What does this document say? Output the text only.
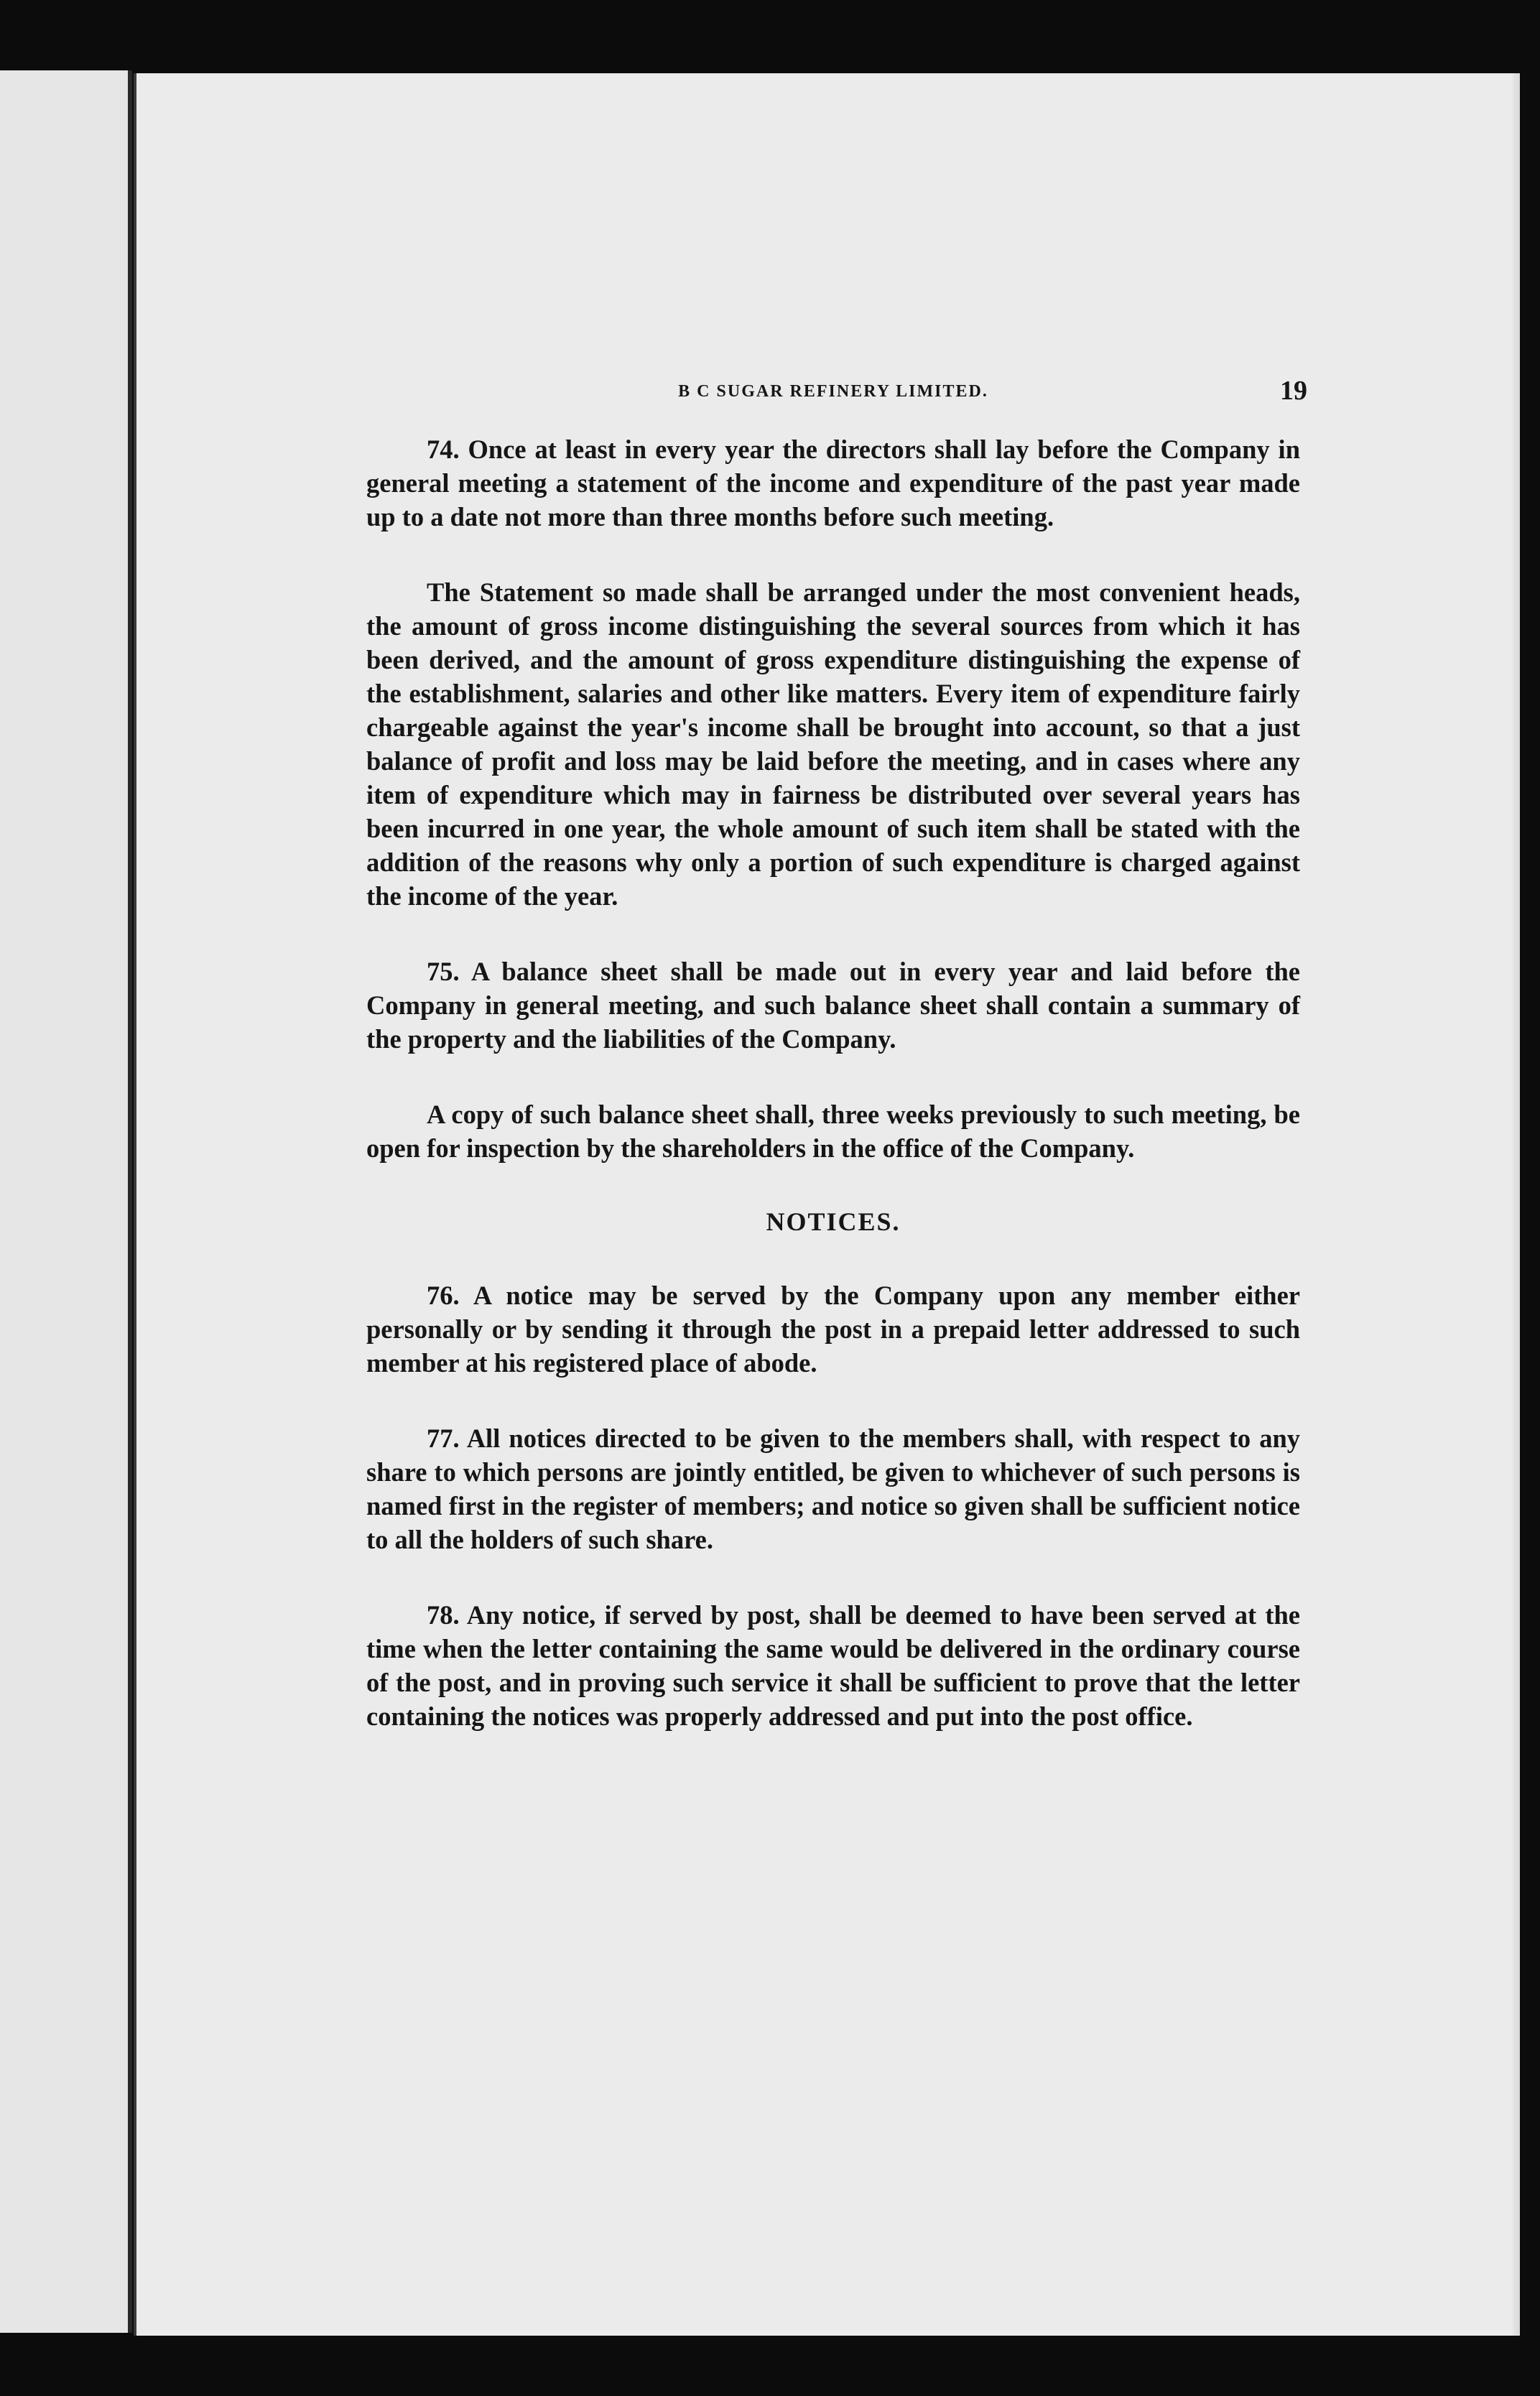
B C SUGAR REFINERY LIMITED.	19

74. Once at least in every year the directors shall lay before the Company in general meeting a statement of the income and expenditure of the past year made up to a date not more than three months before such meeting.

The Statement so made shall be arranged under the most convenient heads, the amount of gross income distinguishing the several sources from which it has been derived, and the amount of gross expenditure distinguishing the expense of the establishment, salaries and other like matters. Every item of expenditure fairly chargeable against the year's income shall be brought into account, so that a just balance of profit and loss may be laid before the meeting, and in cases where any item of expenditure which may in fairness be distributed over several years has been incurred in one year, the whole amount of such item shall be stated with the addition of the reasons why only a portion of such expenditure is charged against the income of the year.

75. A balance sheet shall be made out in every year and laid before the Company in general meeting, and such balance sheet shall contain a summary of the property and the liabilities of the Company.

A copy of such balance sheet shall, three weeks previously to such meeting, be open for inspection by the shareholders in the office of the Company.

NOTICES.

76. A notice may be served by the Company upon any member either personally or by sending it through the post in a prepaid letter addressed to such member at his registered place of abode.

77. All notices directed to be given to the members shall, with respect to any share to which persons are jointly entitled, be given to whichever of such persons is named first in the register of members; and notice so given shall be sufficient notice to all the holders of such share.

78. Any notice, if served by post, shall be deemed to have been served at the time when the letter containing the same would be delivered in the ordinary course of the post, and in proving such service it shall be sufficient to prove that the letter containing the notices was properly addressed and put into the post office.
